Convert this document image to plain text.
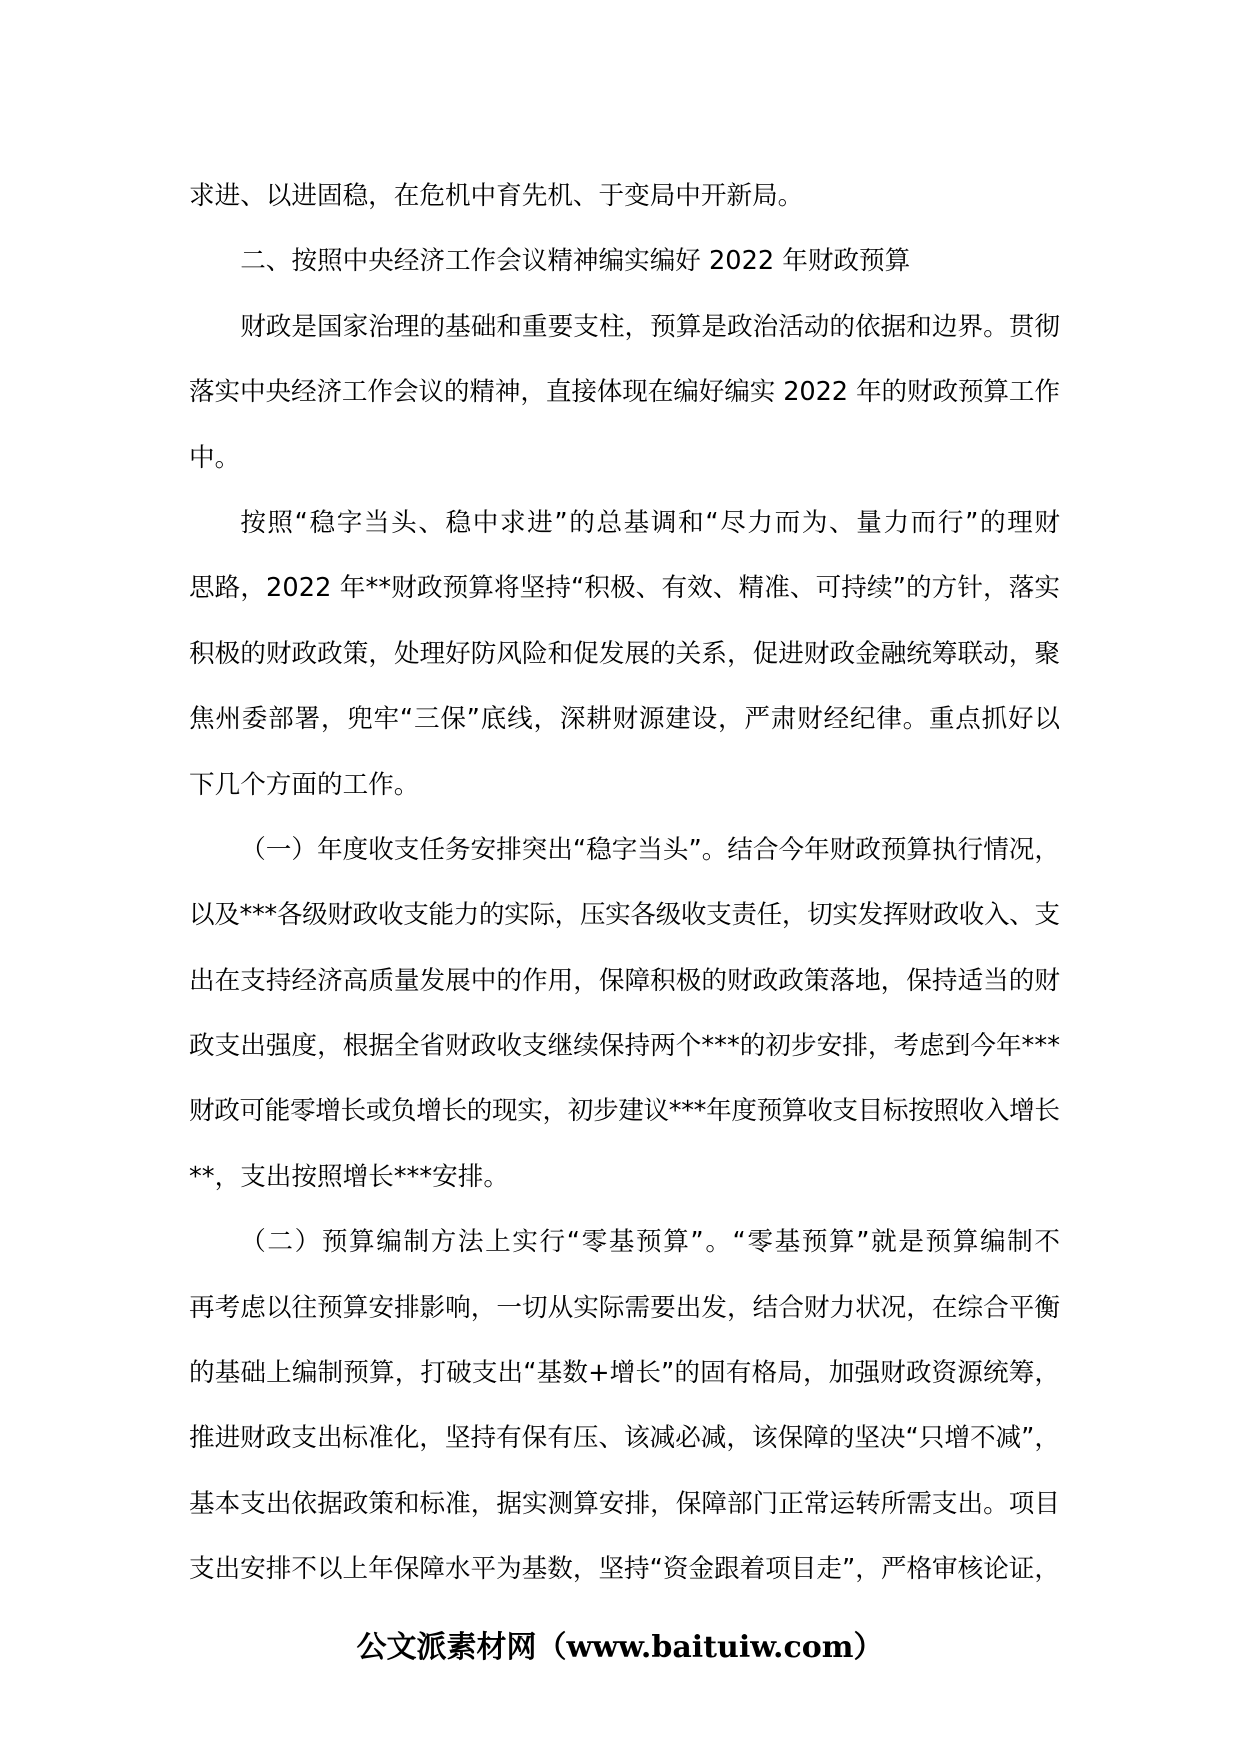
求进、以进固稳，在危机中育先机、于变局中开新局。

二、按照中央经济工作会议精神编实编好 2022 年财政预算

财政是国家治理的基础和重要支柱，预算是政治活动的依据和边界。贯彻
落实中央经济工作会议的精神，直接体现在编好编实 2022 年的财政预算工作
中。

按照“稳字当头、稳中求进”的总基调和“尽力而为、量力而行”的理财
思路，2022 年**财政预算将坚持“积极、有效、精准、可持续”的方针，落实
积极的财政政策，处理好防风险和促发展的关系，促进财政金融统筹联动，聚
焦州委部署，兜牢“三保”底线，深耕财源建设，严肃财经纪律。重点抓好以
下几个方面的工作。

（一）年度收支任务安排突出“稳字当头”。结合今年财政预算执行情况，
以及***各级财政收支能力的实际，压实各级收支责任，切实发挥财政收入、支
出在支持经济高质量发展中的作用，保障积极的财政政策落地，保持适当的财
政支出强度，根据全省财政收支继续保持两个***的初步安排，考虑到今年***
财政可能零增长或负增长的现实，初步建议***年度预算收支目标按照收入增长
**，支出按照增长***安排。

（二）预算编制方法上实行“零基预算”。“零基预算”就是预算编制不
再考虑以往预算安排影响，一切从实际需要出发，结合财力状况，在综合平衡
的基础上编制预算，打破支出“基数+增长”的固有格局，加强财政资源统筹，
推进财政支出标准化，坚持有保有压、该减必减，该保障的坚决“只增不减”，
基本支出依据政策和标准，据实测算安排，保障部门正常运转所需支出。项目
支出安排不以上年保障水平为基数，坚持“资金跟着项目走”，严格审核论证，

公文派素材网（www.baituiw.com）
